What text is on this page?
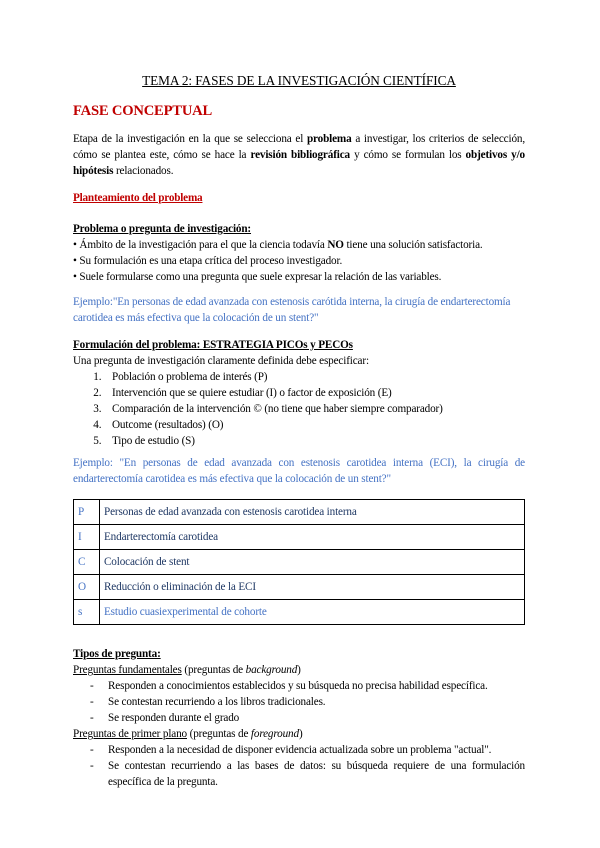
TEMA 2: FASES DE LA INVESTIGACIÓN CIENTÍFICA
FASE CONCEPTUAL
Etapa de la investigación en la que se selecciona el problema a investigar, los criterios de selección, cómo se plantea este, cómo se hace la revisión bibliográfica y cómo se formulan los objetivos y/o hipótesis relacionados.
Planteamiento del problema
Problema o pregunta de investigación:
• Ámbito de la investigación para el que la ciencia todavía NO tiene una solución satisfactoria.
• Su formulación es una etapa crítica del proceso investigador.
• Suele formularse como una pregunta que suele expresar la relación de las variables.
Ejemplo:"En personas de edad avanzada con estenosis carótida interna, la cirugía de endarterectomía carotidea es más efectiva que la colocación de un stent?"
Formulación del problema: ESTRATEGIA PICOs y PECOs
Una pregunta de investigación claramente definida debe especificar:
1. Población o problema de interés (P)
2. Intervención que se quiere estudiar (I) o factor de exposición (E)
3. Comparación de la intervención © (no tiene que haber siempre comparador)
4. Outcome (resultados) (O)
5. Tipo de estudio (S)
Ejemplo: "En personas de edad avanzada con estenosis carotidea interna (ECI), la cirugía de endarterectomía carotidea es más efectiva que la colocación de un stent?"
P	Personas de edad avanzada con estenosis carotidea interna
I	Endarterectomía carotidea
C	Colocación de stent
O	Reducción o eliminación de la ECI
s	Estudio cuasiexperimental de cohorte
Tipos de pregunta:
Preguntas fundamentales (preguntas de background)
- Responden a conocimientos establecidos y su búsqueda no precisa habilidad específica.
- Se contestan recurriendo a los libros tradicionales.
- Se responden durante el grado
Preguntas de primer plano (preguntas de foreground)
- Responden a la necesidad de disponer evidencia actualizada sobre un problema "actual".
- Se contestan recurriendo a las bases de datos: su búsqueda requiere de una formulación específica de la pregunta.
